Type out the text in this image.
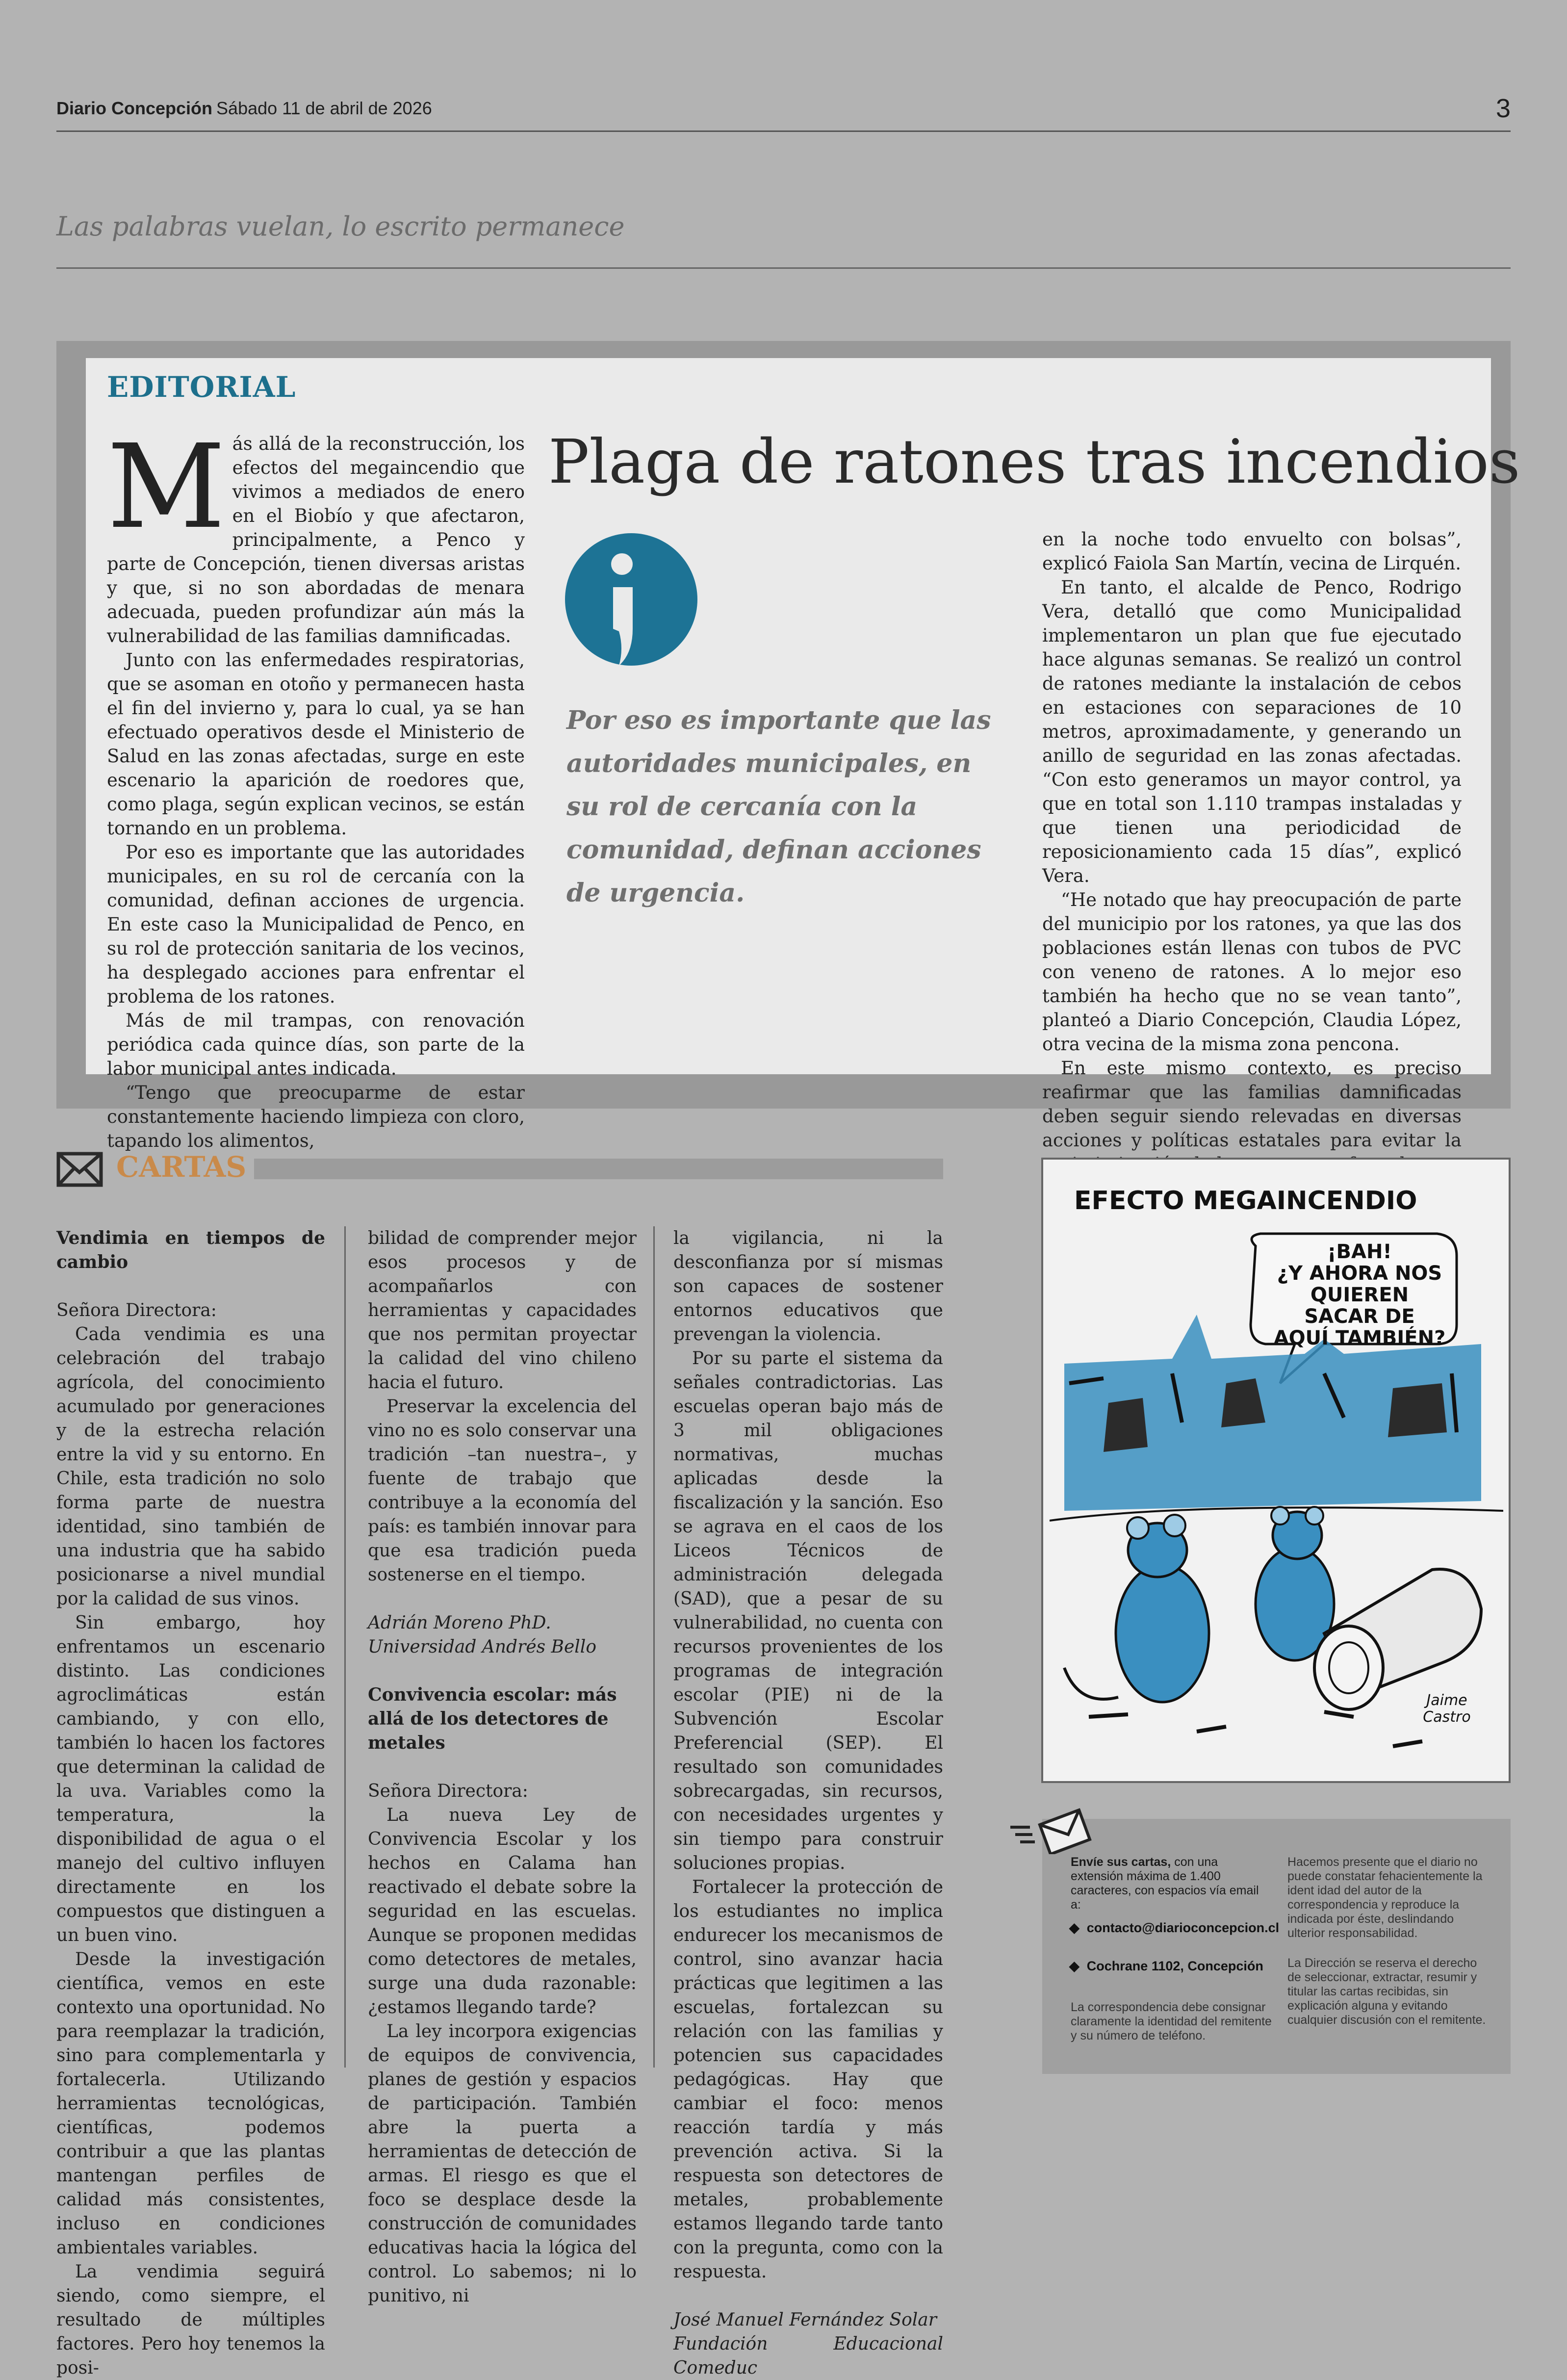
Diario Concepción Sábado 11 de abril de 2026	3
Las palabras vuelan, lo escrito permanece
EDITORIAL
Plaga de ratones tras incendios

Más allá de la reconstrucción, los efectos del megaincendio que vivimos a mediados de enero en el Biobío y que afectaron, principalmente, a Penco y parte de Concepción, tienen diversas aristas y que, si no son abordadas de menara adecuada, pueden profundizar aún más la vulnerabilidad de las familias damnificadas.

Junto con las enfermedades respiratorias, que se asoman en otoño y permanecen hasta el fin del invierno y, para lo cual, ya se han efectuado operativos desde el Ministerio de Salud en las zonas afectadas, surge en este escenario la aparición de roedores que, como plaga, según explican vecinos, se están tornando en un problema.

Por eso es importante que las autoridades municipales, en su rol de cercanía con la comunidad, definan acciones de urgencia. En este caso la Municipalidad de Penco, en su rol de protección sanitaria de los vecinos, ha desplegado acciones para enfrentar el problema de los ratones.

Más de mil trampas, con renovación periódica cada quince días, son parte de la labor municipal antes indicada.

“Tengo que preocuparme de estar constantemente haciendo limpieza con cloro, tapando los alimentos,

Por eso es importante que las autoridades municipales, en su rol de cercanía con la comunidad, definan acciones de urgencia.

en la noche todo envuelto con bolsas”, explicó Faiola San Martín, vecina de Lirquén.

En tanto, el alcalde de Penco, Rodrigo Vera, detalló que como Municipalidad implementaron un plan que fue ejecutado hace algunas semanas. Se realizó un control de ratones mediante la instalación de cebos en estaciones con separaciones de 10 metros, aproximadamente, y generando un anillo de seguridad en las zonas afectadas. “Con esto generamos un mayor control, ya que en total son 1.110 trampas instaladas y que tienen una periodicidad de reposicionamiento cada 15 días”, explicó Vera.

“He notado que hay preocupación de parte del municipio por los ratones, ya que las dos poblaciones están llenas con tubos de PVC con veneno de ratones. A lo mejor eso también ha hecho que no se vean tanto”, planteó a Diario Concepción, Claudia López, otra vecina de la misma zona pencona.

En este mismo contexto, es preciso reafirmar que las familias damnificadas deben seguir siendo relevadas en diversas acciones y políticas estatales para evitar la

CARTAS

Vendimia en tiempos de cambio

Señora Directora:

Cada vendimia es una celebración del trabajo agrícola, del conocimiento acumulado por generaciones y de la estrecha relación entre la vid y su entorno. En Chile, esta tradición no solo forma parte de nuestra identidad, sino también de una industria que ha sabido posicionarse a nivel mundial por la calidad de sus vinos.

Sin embargo, hoy enfrentamos un escenario distinto. Las condiciones agroclimáticas están cambiando, y con ello, también lo hacen los factores que determinan la calidad de la uva. Variables como la temperatura, la disponibilidad de agua o el manejo del cultivo influyen directamente en los compuestos que distinguen a un buen vino.

Desde la investigación científica, vemos en este contexto una oportunidad. No para reemplazar la tradición, sino para complementarla y fortalecerla. Utilizando herramientas tecnológicas, científicas, podemos contribuir a que las plantas mantengan perfiles de calidad más consistentes, incluso en condiciones ambientales variables.

La vendimia seguirá siendo, como siempre, el resultado de múltiples factores. Pero hoy tenemos la posi-

bilidad de comprender mejor esos procesos y de acompañarlos con herramientas y capacidades que nos permitan proyectar la calidad del vino chileno hacia el futuro.

Preservar la excelencia del vino no es solo conservar una tradición –tan nuestra–, y fuente de trabajo que contribuye a la economía del país: es también innovar para que esa tradición pueda sostenerse en el tiempo.

Adrián Moreno PhD.

Universidad Andrés Bello

Convivencia escolar: más allá de los detectores de metales

Señora Directora:

La nueva Ley de Convivencia Escolar y los hechos en Calama han reactivado el debate sobre la seguridad en las escuelas. Aunque se proponen medidas como detectores de metales, surge una duda razonable: ¿estamos llegando tarde?

La ley incorpora exigencias de equipos de convivencia, planes de gestión y espacios de participación. También abre la puerta a herramientas de detección de armas. El riesgo es que el foco se desplace desde la construcción de comunidades educativas hacia la lógica del control. Lo sabemos; ni lo punitivo, ni

la vigilancia, ni la desconfianza por sí mismas son capaces de sostener entornos educativos que prevengan la violencia.

Por su parte el sistema da señales contradictorias. Las escuelas operan bajo más de 3 mil obligaciones normativas, muchas aplicadas desde la fiscalización y la sanción. Eso se agrava en el caos de los Liceos Técnicos de administración delegada (SAD), que a pesar de su vulnerabilidad, no cuenta con recursos provenientes de los programas de integración escolar (PIE) ni de la Subvención Escolar Preferencial (SEP). El resultado son comunidades sobrecargadas, sin recursos, con necesidades urgentes y sin tiempo para construir soluciones propias.

Fortalecer la protección de los estudiantes no implica endurecer los mecanismos de control, sino avanzar hacia prácticas que legitimen a las escuelas, fortalezcan su relación con las familias y potencien sus capacidades pedagógicas. Hay que cambiar el foco: menos reacción tardía y más prevención activa. Si la respuesta son detectores de metales, probablemente estamos llegando tarde tanto con la pregunta, como con la respuesta.

José Manuel Fernández Solar

Fundación Educacional Comeduc

EFECTO MEGAINCENDIO
¡BAH!
¿Y AHORA NOS
QUIEREN SACAR DE
AQUÍ TAMBIÉN?
Jaime
Castro
Envíe sus cartas, con una extensión máxima de 1.400 caracteres, con espacios vía email a:
◆  contacto@diarioconcepcion.cl
◆  Cochrane 1102, Concepción
La correspondencia debe consignar claramente la identidad del remitente y su número de teléfono.
Hacemos presente que el diario no puede constatar fehacientemente la ident idad del autor de la correspondencia y reproduce la indicada por éste, deslindando ulterior responsabilidad.
La Dirección se reserva el derecho de seleccionar, extractar, resumir y titular las cartas recibidas, sin explicación alguna y evitando cualquier discusión con el remitente.
